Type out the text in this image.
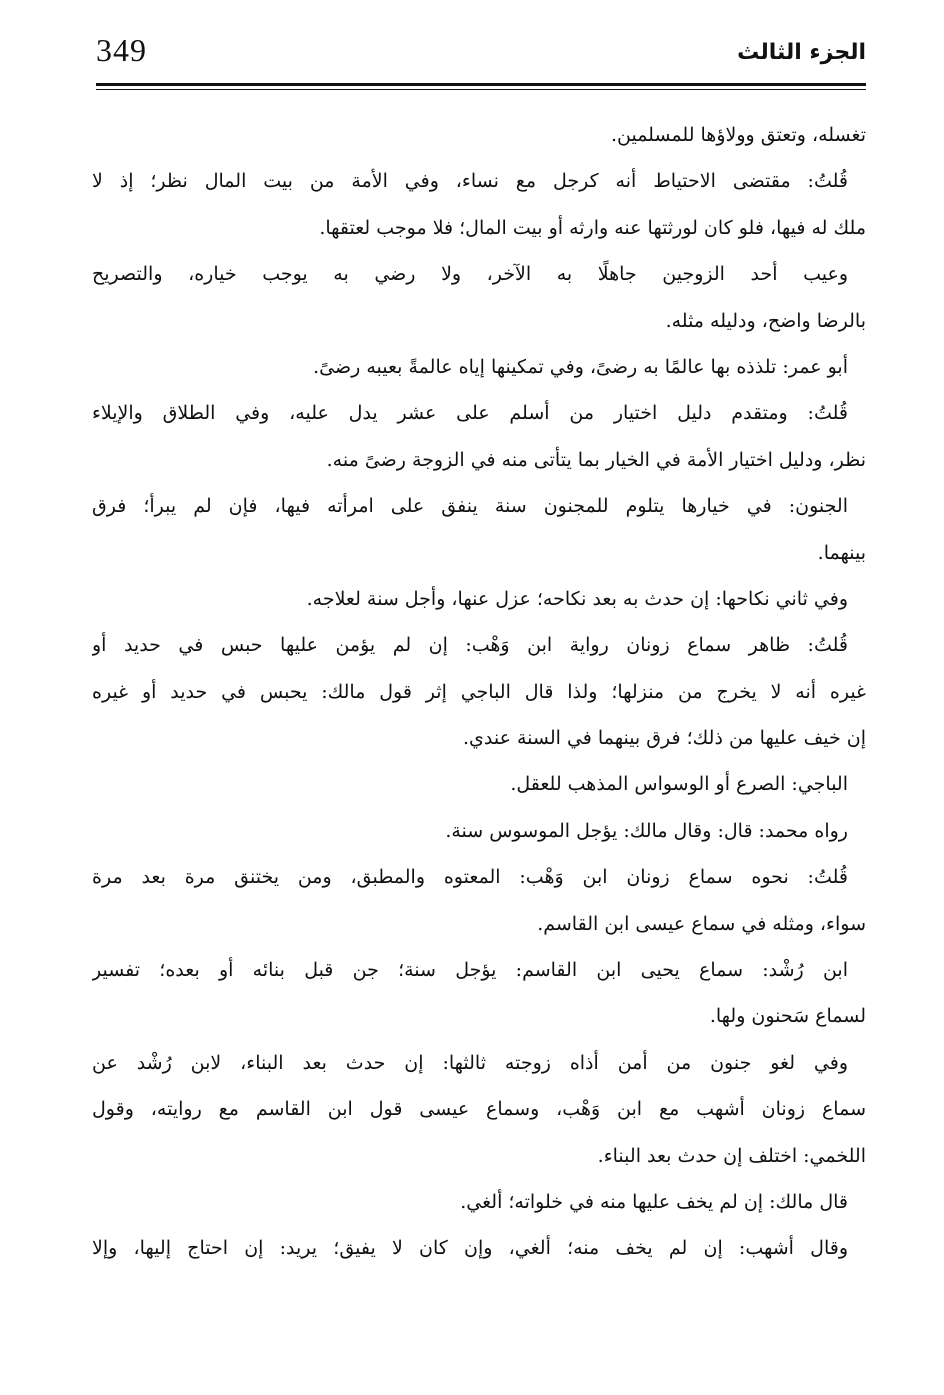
349	الجزء الثالث
تغسله، وتعتق وولاؤها للمسلمين.
قُلتُ: مقتضى الاحتياط أنه كرجل مع نساء، وفي الأمة من بيت المال نظر؛ إذ لا
ملك له فيها، فلو كان لورثتها عنه وارثه أو بيت المال؛ فلا موجب لعتقها.
وعيب أحد الزوجين جاهلًا به الآخر، ولا رضي به يوجب خياره، والتصريح
بالرضا واضح، ودليله مثله.
أبو عمر: تلذذه بها عالمًا به رضىً، وفي تمكينها إياه عالمةً بعيبه رضىً.
قُلتُ: ومتقدم دليل اختيار من أسلم على عشر يدل عليه، وفي الطلاق والإيلاء
نظر، ودليل اختيار الأمة في الخيار بما يتأتى منه في الزوجة رضىً منه.
الجنون: في خيارها يتلوم للمجنون سنة ينفق على امرأته فيها، فإن لم يبرأ؛ فرق
بينهما.
وفي ثاني نكاحها: إن حدث به بعد نكاحه؛ عزل عنها، وأجل سنة لعلاجه.
قُلتُ: ظاهر سماع زونان رواية ابن وَهْب: إن لم يؤمن عليها حبس في حديد أو
غيره أنه لا يخرج من منزلها؛ ولذا قال الباجي إثر قول مالك: يحبس في حديد أو غيره
إن خيف عليها من ذلك؛ فرق بينهما في السنة عندي.
الباجي: الصرع أو الوسواس المذهب للعقل.
رواه محمد: قال: وقال مالك: يؤجل الموسوس سنة.
قُلتُ: نحوه سماع زونان ابن وَهْب: المعتوه والمطبق، ومن يختنق مرة بعد مرة
سواء، ومثله في سماع عيسى ابن القاسم.
ابن رُشْد: سماع يحيى ابن القاسم: يؤجل سنة؛ جن قبل بنائه أو بعده؛ تفسير
لسماع سَحنون ولها.
وفي لغو جنون من أمن أذاه زوجته ثالثها: إن حدث بعد البناء، لابن رُشْد عن
سماع زونان أشهب مع ابن وَهْب، وسماع عيسى قول ابن القاسم مع روايته، وقول
اللخمي: اختلف إن حدث بعد البناء.
قال مالك: إن لم يخف عليها منه في خلواته؛ ألغي.
وقال أشهب: إن لم يخف منه؛ ألغي، وإن كان لا يفيق؛ يريد: إن احتاج إليها، وإلا
